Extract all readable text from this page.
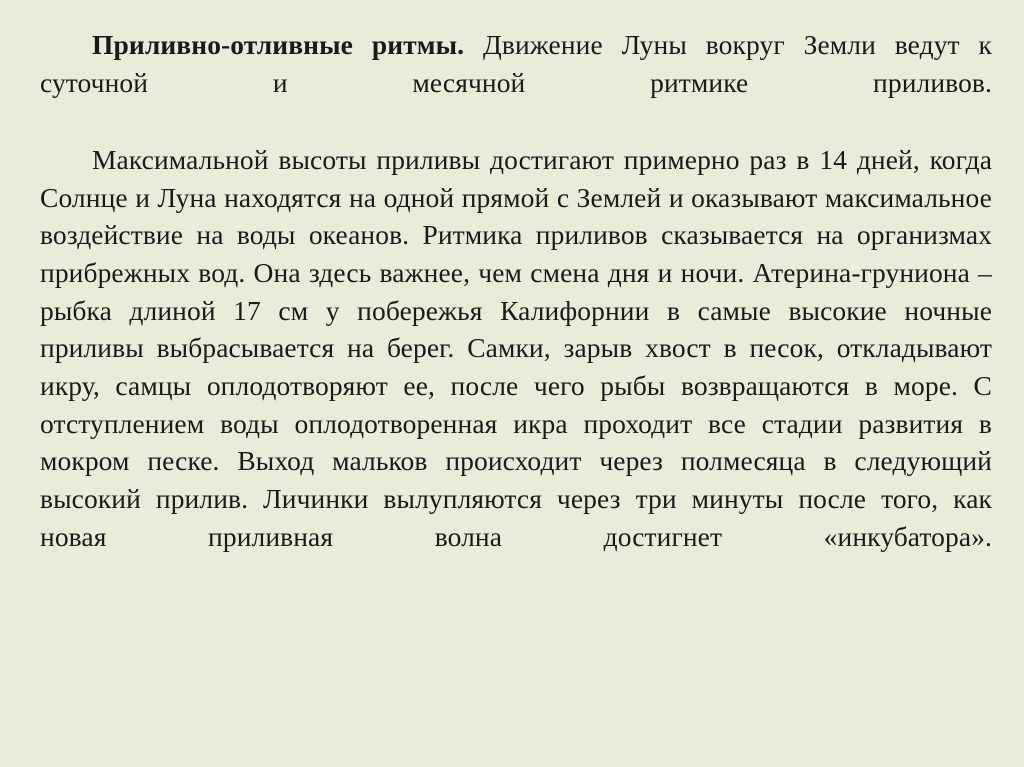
Приливно-отливные ритмы. Движение Луны вокруг Земли ведут к суточной и месячной ритмике приливов.

Максимальной высоты приливы достигают примерно раз в 14 дней, когда Солнце и Луна находятся на одной прямой с Землей и оказывают максимальное воздействие на воды океанов. Ритмика приливов сказывается на организмах прибрежных вод. Она здесь важнее, чем смена дня и ночи. Атерина-груниона – рыбка длиной 17 см у побережья Калифорнии в самые высокие ночные приливы выбрасывается на берег. Самки, зарыв хвост в песок, откладывают икру, самцы оплодотворяют ее, после чего рыбы возвращаются в море. С отступлением воды оплодотворенная икра проходит все стадии развития в мокром песке. Выход мальков происходит через полмесяца в следующий высокий прилив. Личинки вылупляются через три минуты после того, как новая приливная волна достигнет «инкубатора».
